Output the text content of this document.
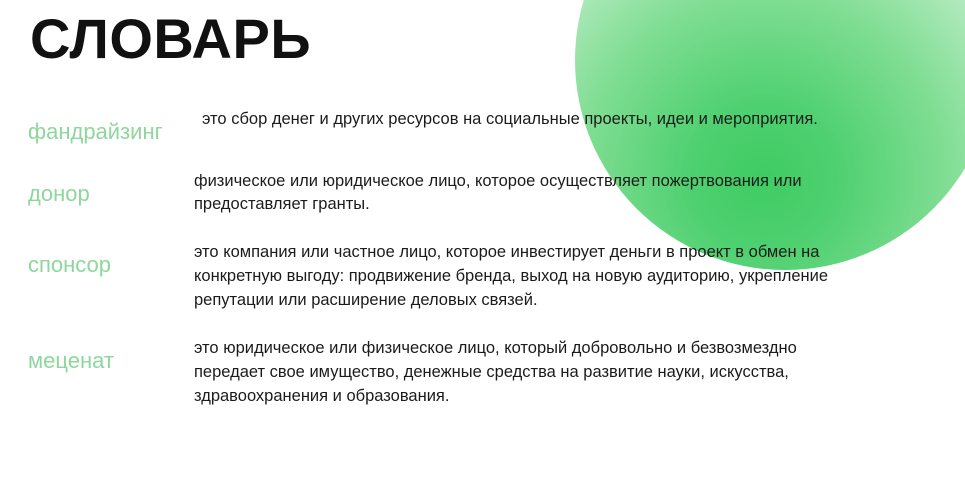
СЛОВАРЬ
фандрайзинг	это сбор денег и других ресурсов на социальные проекты, идеи и мероприятия.
донор	физическое или юридическое лицо, которое осуществляет пожертвования или предоставляет гранты.
спонсор	это компания или частное лицо, которое инвестирует деньги в проект в обмен на конкретную выгоду: продвижение бренда, выход на новую аудиторию, укрепление репутации или расширение деловых связей.
меценат	это юридическое или физическое лицо, который добровольно и безвозмездно передает свое имущество, денежные средства на развитие науки, искусства, здравоохранения и образования.
